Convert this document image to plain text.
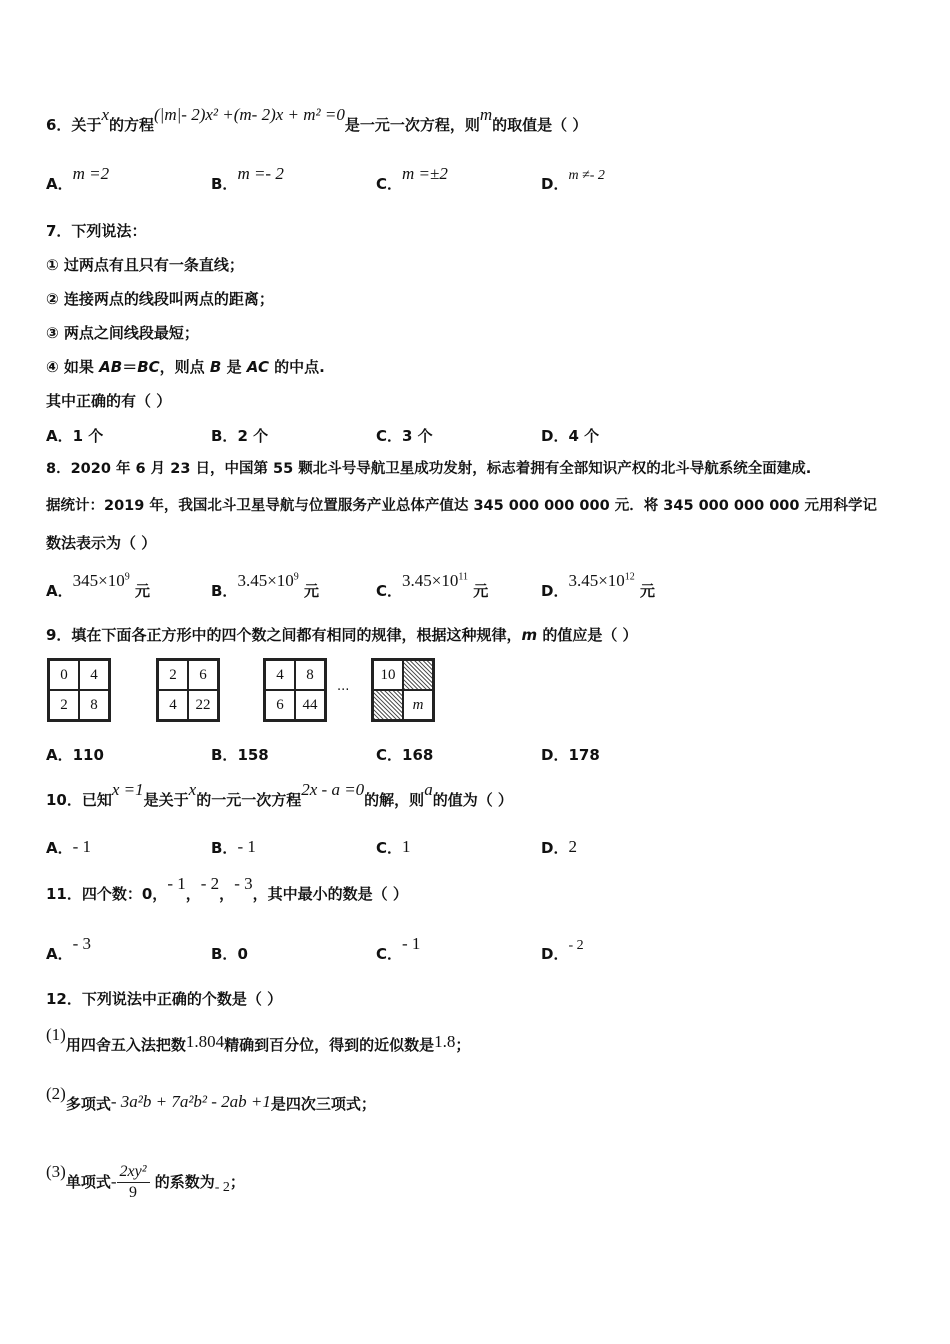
6．关于x的方程(|m|- 2)x² +(m- 2)x + m² =0是一元一次方程，则m的取值是（ ）
A．m =2
B．m =- 2
C．m =±2
D．m ≠- 2
7．下列说法：
① 过两点有且只有一条直线；
② 连接两点的线段叫两点的距离；
③ 两点之间线段最短；
④ 如果 AB＝BC，则点 B 是 AC 的中点.
其中正确的有（ ）
A．1 个	B．2 个	C．3 个	D．4 个
8．2020 年 6 月 23 日，中国第 55 颗北斗号导航卫星成功发射，标志着拥有全部知识产权的北斗导航系统全面建成.
据统计：2019 年，我国北斗卫星导航与位置服务产业总体产值达 345 000 000 000 元．将 345 000 000 000 元用科学记
数法表示为（ ）
A．$345\times 10^9$ 元	B．$3.45\times 10^9$ 元	C．$3.45\times 10^{11}$ 元	D．$3.45\times 10^{12}$ 元
9．填在下面各正方形中的四个数之间都有相同的规律，根据这种规律，m 的值应是（ ）
0	4
2	8
2	6
4	22
4	8
6	44
···
10
m
A．110	B．158	C．168	D．178
10．已知x =1是关于x的一元一次方程2x - a =0的解，则a的值为（ ）
A．- 1	B．- 1	C．1	D．2
11．四个数：0，- 1，- 2，- 3，其中最小的数是（ ）
A．- 3
B．0	C．- 1
D．- 2
12．下列说法中正确的个数是（ ）
(1)用四舍五入法把数1.804精确到百分位，得到的近似数是1.8；
(2)多项式- 3a²b + 7a²b² - 2ab +1是四次三项式；
(3)单项式- $\frac{\text{2xy²}}{9}$ 的系数为- 2；
